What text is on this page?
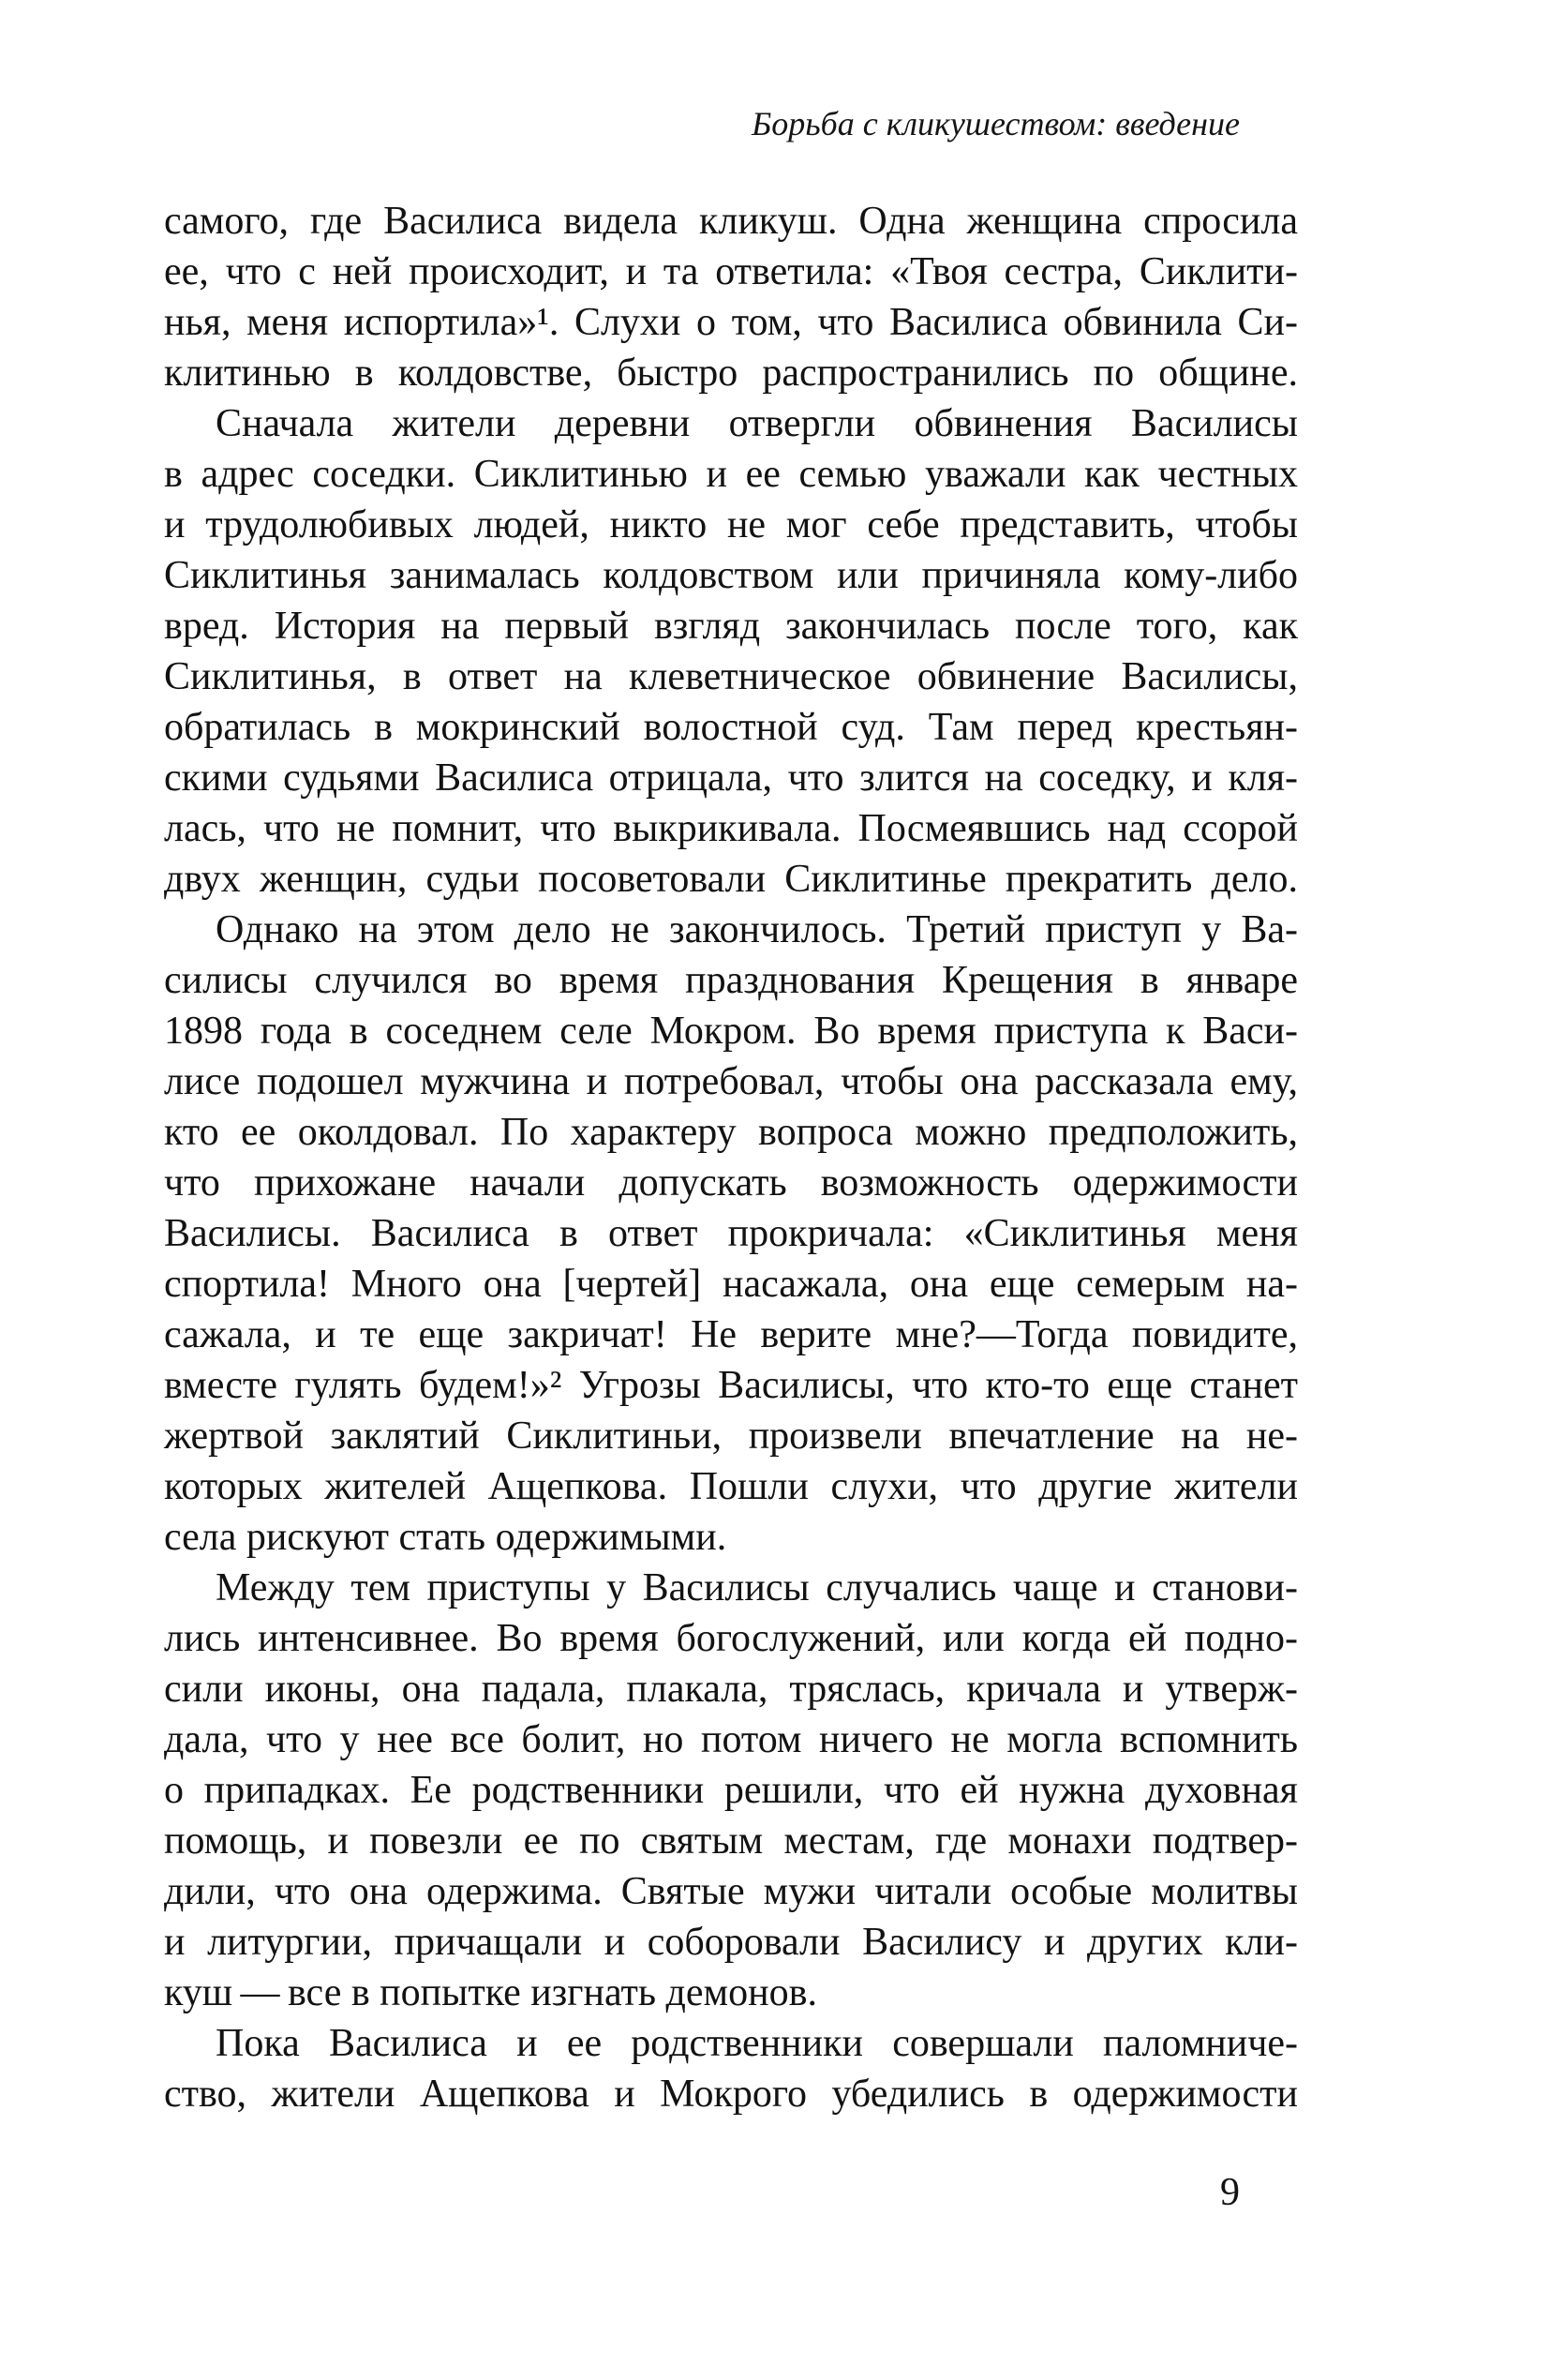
Борьба с кликушеством: введение
самого, где Василиса видела кликуш. Одна женщина спросила
ее, что с ней происходит, и та ответила: «Твоя сестра, Сиклити-
нья, меня испортила»¹. Слухи о том, что Василиса обвинила Си-
клитинью в колдовстве, быстро распространились по общине.
Сначала жители деревни отвергли обвинения Василисы
в адрес соседки. Сиклитинью и ее семью уважали как честных
и трудолюбивых людей, никто не мог себе представить, чтобы
Сиклитинья занималась колдовством или причиняла кому-либо
вред. История на первый взгляд закончилась после того, как
Сиклитинья, в ответ на клеветническое обвинение Василисы,
обратилась в мокринский волостной суд. Там перед крестьян-
скими судьями Василиса отрицала, что злится на соседку, и кля-
лась, что не помнит, что выкрикивала. Посмеявшись над ссорой
двух женщин, судьи посоветовали Сиклитинье прекратить дело.
Однако на этом дело не закончилось. Третий приступ у Ва-
силисы случился во время празднования Крещения в январе
1898 года в соседнем селе Мокром. Во время приступа к Васи-
лисе подошел мужчина и потребовал, чтобы она рассказала ему,
кто ее околдовал. По характеру вопроса можно предположить,
что прихожане начали допускать возможность одержимости
Василисы. Василиса в ответ прокричала: «Сиклитинья меня
спортила! Много она [чертей] насажала, она еще семерым на-
сажала, и те еще закричат! Не верите мне?—Тогда повидите,
вместе гулять будем!»² Угрозы Василисы, что кто-то еще станет
жертвой заклятий Сиклитиньи, произвели впечатление на не-
которых жителей Ащепкова. Пошли слухи, что другие жители
села рискуют стать одержимыми.
Между тем приступы у Василисы случались чаще и станови-
лись интенсивнее. Во время богослужений, или когда ей подно-
сили иконы, она падала, плакала, тряслась, кричала и утверж-
дала, что у нее все болит, но потом ничего не могла вспомнить
о припадках. Ее родственники решили, что ей нужна духовная
помощь, и повезли ее по святым местам, где монахи подтвер-
дили, что она одержима. Святые мужи читали особые молитвы
и литургии, причащали и соборовали Василису и других кли-
куш — все в попытке изгнать демонов.
Пока Василиса и ее родственники совершали паломниче-
ство, жители Ащепкова и Мокрого убедились в одержимости
9
